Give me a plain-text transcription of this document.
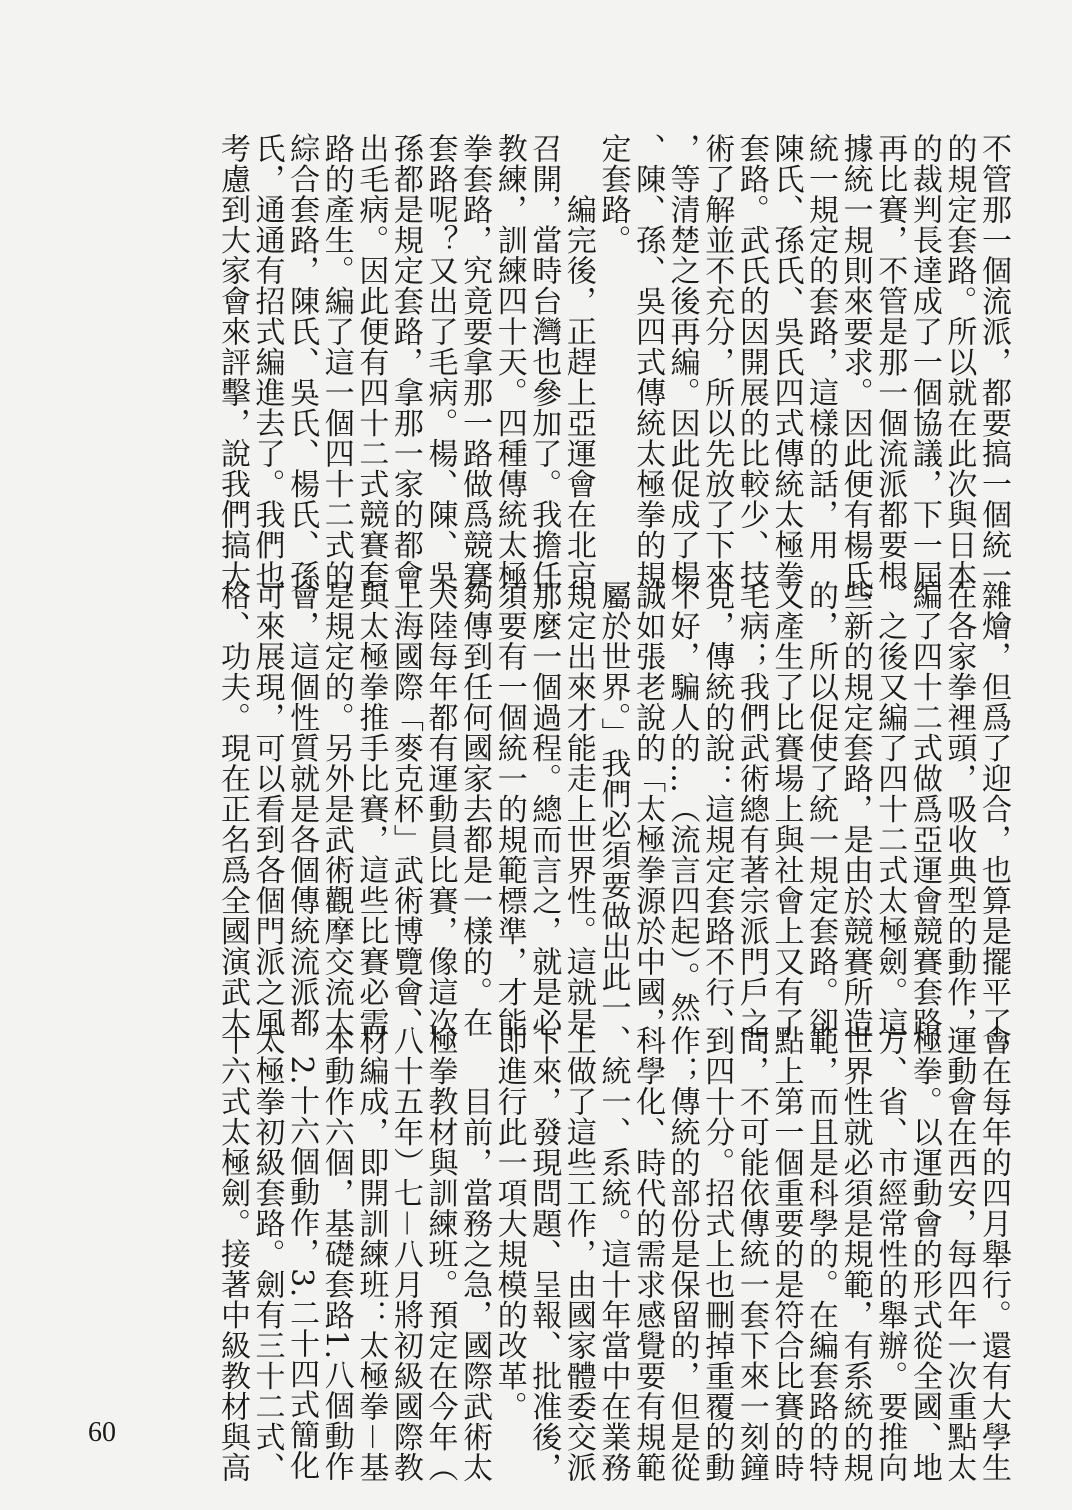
不管那一個流派，都要搞一個統一
的規定套路。所以就在此次與日本
的裁判長達成了一個協議，下一屆
再比賽，不管是那一個流派都要根
據統一規則來要求。因此便有楊氏、
統一規定的套路，這樣的話，用
陳氏、孫氏、吳氏四式傳統太極拳
套路。武氏的因開展的比較少、技
術了解並不充分，所以先放了下來
，等清楚之後再編。因此促成了楊
、陳、孫、吳四式傳統太極拳的規
定套路。
　　編完後，正趕上亞運會在北京
召開，當時台灣也參加了。我擔任
教練，訓練四十天。四種傳統太極
拳套路，究竟要拿那一路做爲競賽
套路呢？又出了毛病。楊、陳、吳、
孫都是規定套路，拿那一家的都會
出毛病。因此便有四十二式競賽套
路的產生。編了這一個四十二式的
綜合套路，陳氏、吳氏、楊氏、孫
氏，通通有招式編進去了。我們也
考慮到大家會來評擊，說我們搞大

雜燴，但爲了迎合，也算是擺平了，
在各家拳裡頭，吸收典型的動作，
編了四十二式做爲亞運會競賽套路
。之後又編了四十二式太極劍。這
些新的規定套路，是由於競賽所造
的，所以促使了統一規定套路。卻
又產生了比賽場上與社會上又有了
毛病；我們武術總有著宗派門戶之
見，傳統的說：這規定套路不行、
不好，騙人的…（流言四起）。然
誠如張老說的「太極拳源於中國，
屬於世界。」我們必須要做出此一
規定出來才能走上世界性。這就是
那麼一個過程。總而言之，就是必
須要有一個統一的規範標準，才能
夠傳到任何國家去都是一樣的。在
大陸每年都有運動員比賽，像這次
上海國際「麥克杯」武術博覽會、
與太極拳推手比賽，這些比賽必需
是規定的。另外是武術觀摩交流大
會，這個性質就是各個傳統流派都
可來展現，可以看到各個門派之風
格、功夫。現在正名爲全國演武大

會在每年的四月舉行。還有大學生
運動會在西安，每四年一次重點太
極拳。以運動會的形式從全國、地
方、省、市經常性的舉辦。要推向
世界性就必須是規範，有系統的規
範，而且是科學的。在編套路的特
點上第一個重要的是符合比賽的時
間，不可能依傳統一套下來一刻鐘
到四十分。招式上也刪掉重覆的動
作；傳統的部份是保留的，但是從
科學化、時代的需求感覺要有規範
、統一、系統。這十年當中在業務
上做了這些工作，由國家體委交派
下來，發現問題、呈報、批准後，
即進行此一項大規模的改革。
　　目前，當務之急，國際武術太
極拳教材與訓練班。預定在今年（
八十五年）七－八月將初級國際教
材編成，即開訓練班：太極拳－基
本動作六個，基礎套路1.八個動作
，2.十六個動作，3.二十四式簡化
太極拳初級套路。劍有三十二式、
十六式太極劍。接著中級教材與高

60
